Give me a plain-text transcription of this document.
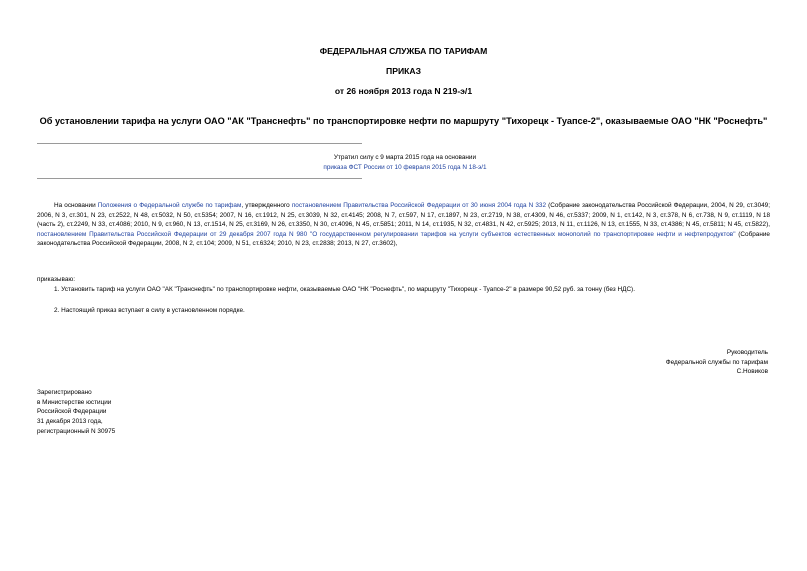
ФЕДЕРАЛЬНАЯ СЛУЖБА ПО ТАРИФАМ
ПРИКАЗ
от 26 ноября 2013 года N 219-э/1
Об установлении тарифа на услуги ОАО "АК "Транснефть" по транспортировке нефти по маршруту "Тихорецк - Туапсе-2", оказываемые ОАО "НК "Роснефть"
Утратил силу с 9 марта 2015 года на основании
приказа ФСТ России от 10 февраля 2015 года N 18-э/1
На основании Положения о Федеральной службе по тарифам, утвержденного постановлением Правительства Российской Федерации от 30 июня 2004 года N 332 (Собрание законодательства Российской Федерации, 2004, N 29, ст.3049; 2006, N 3, ст.301, N 23, ст.2522, N 48, ст.5032, N 50, ст.5354; 2007, N 16, ст.1912, N 25, ст.3039, N 32, ст.4145; 2008, N 7, ст.597, N 17, ст.1897, N 23, ст.2719, N 38, ст.4309, N 46, ст.5337; 2009, N 1, ст.142, N 3, ст.378, N 6, ст.738, N 9, ст.1119, N 18 (часть 2), ст.2249, N 33, ст.4086; 2010, N 9, ст.960, N 13, ст.1514, N 25, ст.3169, N 26, ст.3350, N 30, ст.4096, N 45, ст.5851; 2011, N 14, ст.1935, N 32, ст.4831, N 42, ст.5925; 2013, N 11, ст.1126, N 13, ст.1555, N 33, ст.4386; N 45, ст.5811; N 45, ст.5822), постановлением Правительства Российской Федерации от 29 декабря 2007 года N 980 "О государственном регулировании тарифов на услуги субъектов естественных монополий по транспортировке нефти и нефтепродуктов" (Собрание законодательства Российской Федерации, 2008, N 2, ст.104; 2009, N 51, ст.6324; 2010, N 23, ст.2838; 2013, N 27, ст.3602),
приказываю:
1. Установить тариф на услуги ОАО "АК "Транснефть" по транспортировке нефти, оказываемые ОАО "НК "Роснефть", по маршруту "Тихорецк - Туапсе-2" в размере 90,52 руб. за тонну (без НДС).
2. Настоящий приказ вступает в силу в установленном порядке.
Руководитель
Федеральной службы по тарифам
С.Новиков
Зарегистрировано
в Министерстве юстиции
Российской Федерации
31 декабря 2013 года,
регистрационный N 30975
